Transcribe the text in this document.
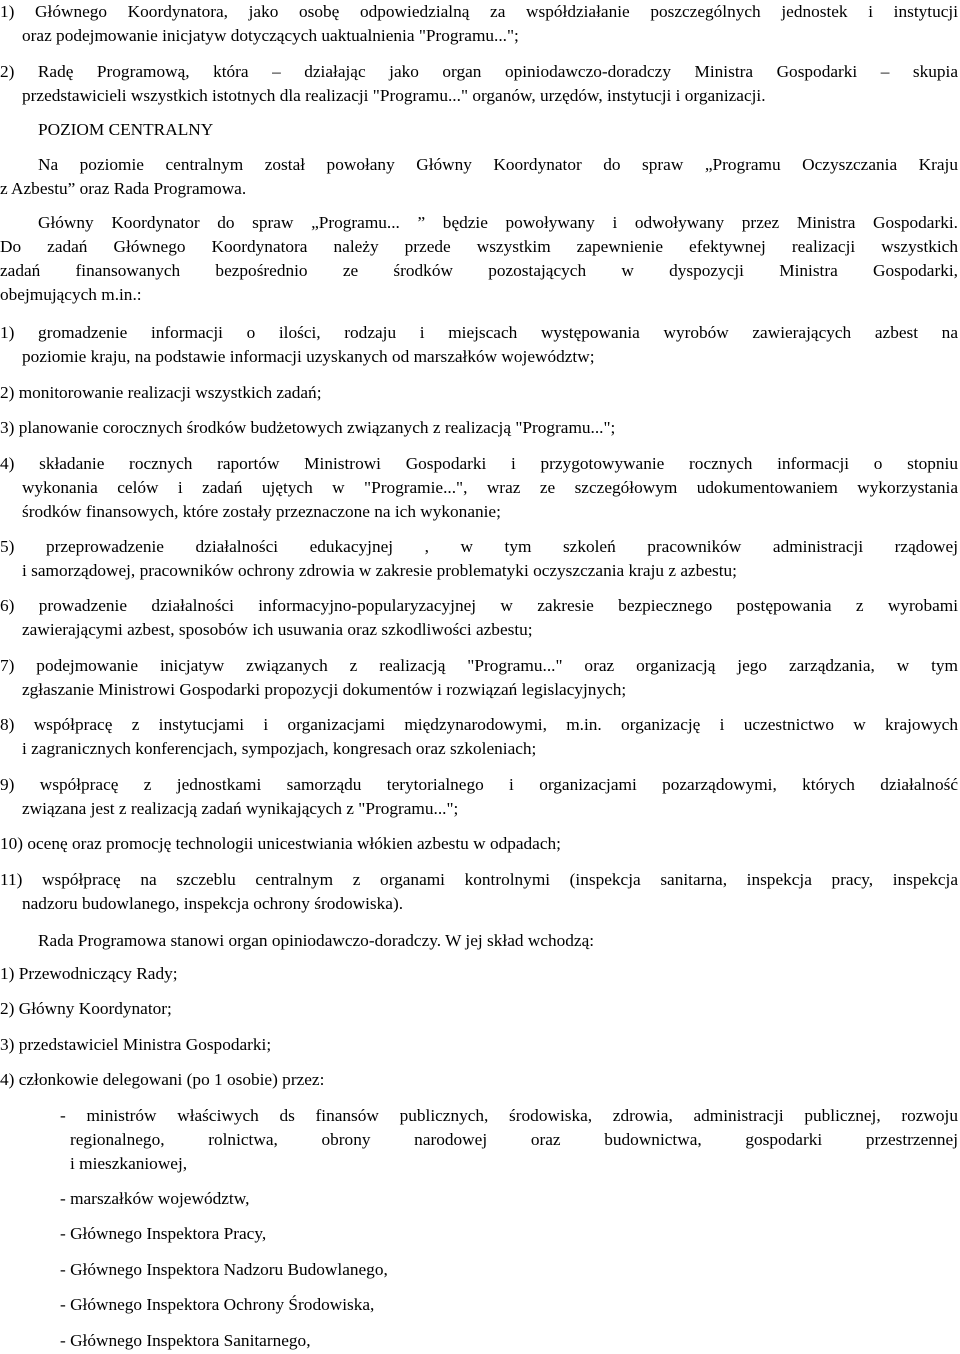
1) Głównego Koordynatora, jako osobę odpowiedzialną za współdziałanie poszczególnych jednostek i instytucji
oraz podejmowanie inicjatyw dotyczących uaktualnienia "Programu...";
2) Radę Programową, która – działając jako organ opiniodawczo-doradczy Ministra Gospodarki – skupia
przedstawicieli wszystkich istotnych dla realizacji "Programu..." organów, urzędów, instytucji i organizacji.
POZIOM CENTRALNY
Na poziomie centralnym został powołany Główny Koordynator do spraw „Programu Oczyszczania Kraju
z Azbestu” oraz Rada Programowa.
Główny Koordynator do spraw „Programu... ” będzie powoływany i odwoływany przez Ministra Gospodarki.
Do zadań Głównego Koordynatora należy przede wszystkim zapewnienie efektywnej realizacji wszystkich
zadań finansowanych bezpośrednio ze środków pozostających w dyspozycji Ministra Gospodarki,
obejmujących m.in.:
1) gromadzenie informacji o ilości, rodzaju i miejscach występowania wyrobów zawierających azbest na
poziomie kraju, na podstawie informacji uzyskanych od marszałków województw;
2) monitorowanie realizacji wszystkich zadań;
3) planowanie corocznych środków budżetowych związanych z realizacją "Programu...";
4) składanie rocznych raportów Ministrowi Gospodarki i przygotowywanie rocznych informacji o stopniu
wykonania celów i zadań ujętych w "Programie...", wraz ze szczegółowym udokumentowaniem wykorzystania
środków finansowych, które zostały przeznaczone na ich wykonanie;
5) przeprowadzenie działalności edukacyjnej , w tym szkoleń pracowników administracji rządowej
i samorządowej, pracowników ochrony zdrowia w zakresie problematyki oczyszczania kraju z azbestu;
6) prowadzenie działalności informacyjno-popularyzacyjnej w zakresie bezpiecznego postępowania z wyrobami
zawierającymi azbest, sposobów ich usuwania oraz szkodliwości azbestu;
7) podejmowanie inicjatyw związanych z realizacją "Programu..." oraz organizacją jego zarządzania, w tym
zgłaszanie Ministrowi Gospodarki propozycji dokumentów i rozwiązań legislacyjnych;
8) współpracę z instytucjami i organizacjami międzynarodowymi, m.in. organizację i uczestnictwo w krajowych
i zagranicznych konferencjach, sympozjach, kongresach oraz szkoleniach;
9) współpracę z jednostkami samorządu terytorialnego i organizacjami pozarządowymi, których działalność
związana jest z realizacją zadań wynikających z "Programu...";
10) ocenę oraz promocję technologii unicestwiania włókien azbestu w odpadach;
11) współpracę na szczeblu centralnym z organami kontrolnymi (inspekcja sanitarna, inspekcja pracy, inspekcja
nadzoru budowlanego, inspekcja ochrony środowiska).
Rada Programowa stanowi organ opiniodawczo-doradczy. W jej skład wchodzą:
1) Przewodniczący Rady;
2) Główny Koordynator;
3) przedstawiciel Ministra Gospodarki;
4) członkowie delegowani (po 1 osobie) przez:
- ministrów właściwych ds finansów publicznych, środowiska, zdrowia, administracji publicznej, rozwoju
regionalnego, rolnictwa, obrony narodowej oraz budownictwa, gospodarki przestrzennej
i mieszkaniowej,
- marszałków województw,
- Głównego Inspektora Pracy,
- Głównego Inspektora Nadzoru Budowlanego,
- Głównego Inspektora Ochrony Środowiska,
- Głównego Inspektora Sanitarnego,
